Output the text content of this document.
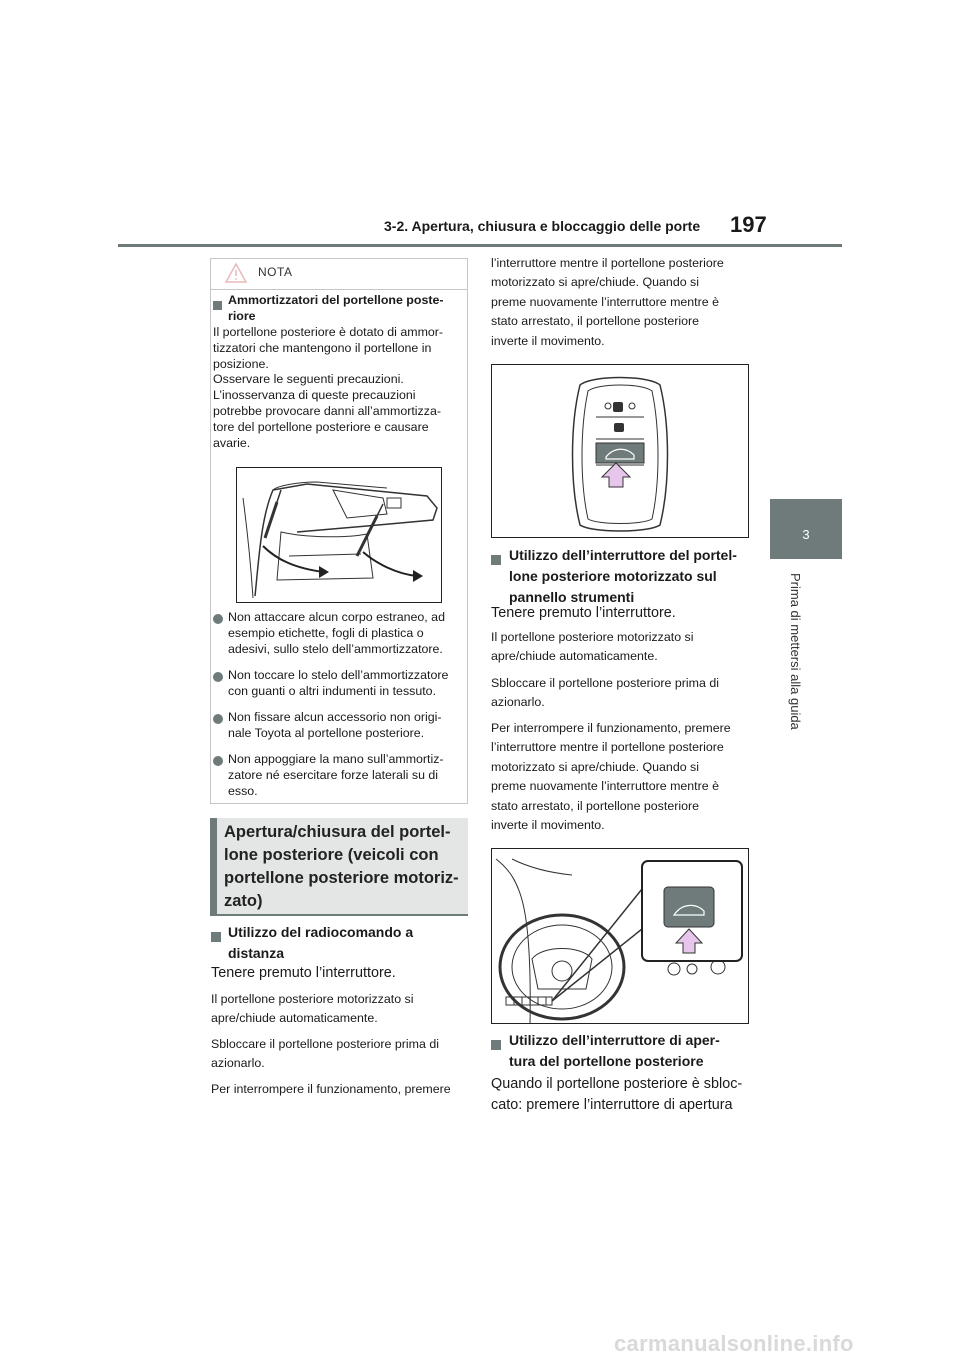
3-2. Apertura, chiusura e bloccaggio delle porte 197
3
Prima di mettersi alla guida
NOTA
Ammortizzatori del portellone poste-riore
Il portellone posteriore è dotato di ammor-
tizzatori che mantengono il portellone in
posizione.
Osservare le seguenti precauzioni.
L’inosservanza di queste precauzioni
potrebbe provocare danni all’ammortizza-
tore del portellone posteriore e causare
avarie.
Non attaccare alcun corpo estraneo, ad
esempio etichette, fogli di plastica o
adesivi, sullo stelo dell’ammortizzatore.
Non toccare lo stelo dell’ammortizzatore
con guanti o altri indumenti in tessuto.
Non fissare alcun accessorio non origi-
nale Toyota al portellone posteriore.
Non appoggiare la mano sull’ammortiz-
zatore né esercitare forze laterali su di
esso.
Apertura/chiusura del portel-
lone posteriore (veicoli con
portellone posteriore motoriz-
zato)
Utilizzo del radiocomando a
distanza
Tenere premuto l’interruttore.
Il portellone posteriore motorizzato si
apre/chiude automaticamente.
Sbloccare il portellone posteriore prima di
azionarlo.
Per interrompere il funzionamento, premere
l’interruttore mentre il portellone posteriore
motorizzato si apre/chiude. Quando si
preme nuovamente l’interruttore mentre è
stato arrestato, il portellone posteriore
inverte il movimento.
Utilizzo dell’interruttore del portel-
lone posteriore motorizzato sul
pannello strumenti
Tenere premuto l’interruttore.
Il portellone posteriore motorizzato si
apre/chiude automaticamente.
Sbloccare il portellone posteriore prima di
azionarlo.
Per interrompere il funzionamento, premere
l’interruttore mentre il portellone posteriore
motorizzato si apre/chiude. Quando si
preme nuovamente l’interruttore mentre è
stato arrestato, il portellone posteriore
inverte il movimento.
Utilizzo dell’interruttore di aper-
tura del portellone posteriore
Quando il portellone posteriore è sbloc-
cato: premere l’interruttore di apertura
carmanualsonline.info
